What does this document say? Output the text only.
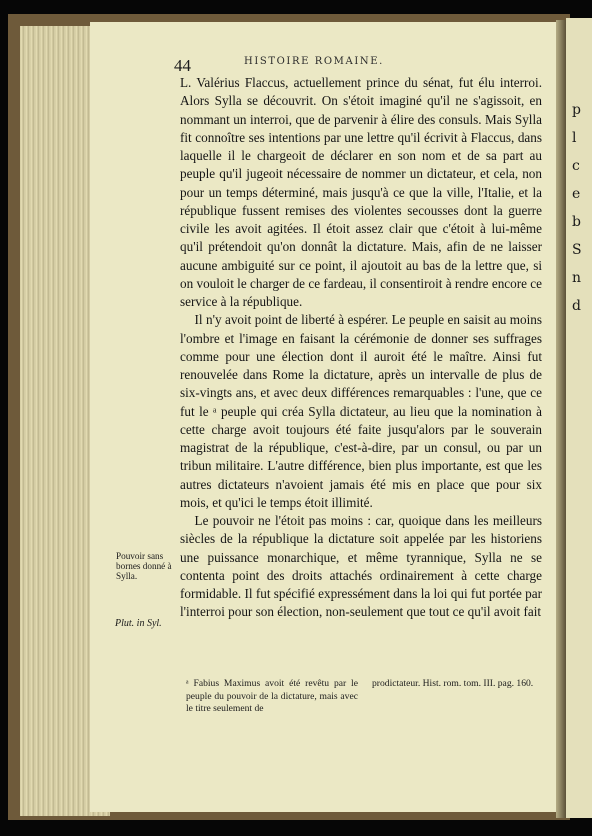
p
l
c
e
b
S
n
d
44	HISTOIRE ROMAINE.

L. Valérius Flaccus, actuellement prince du sénat, fut élu interroi. Alors Sylla se découvrit. On s'étoit imaginé qu'il ne s'agissoit, en nommant un interroi, que de parvenir à élire des consuls. Mais Sylla fit connoître ses intentions par une lettre qu'il écrivit à Flaccus, dans laquelle il le chargeoit de déclarer en son nom et de sa part au peuple qu'il jugeoit nécessaire de nommer un dictateur, et cela, non pour un temps déterminé, mais jusqu'à ce que la ville, l'Italie, et la république fussent remises des violentes secousses dont la guerre civile les avoit agitées. Il étoit assez clair que c'étoit à lui-même qu'il prétendoit qu'on donnât la dictature. Mais, afin de ne laisser aucune ambiguité sur ce point, il ajoutoit au bas de la lettre que, si on vouloit le charger de ce fardeau, il consentiroit à rendre encore ce service à la république.

Il n'y avoit point de liberté à espérer. Le peuple en saisit au moins l'ombre et l'image en faisant la cérémonie de donner ses suffrages comme pour une élection dont il auroit été le maître. Ainsi fut renouvelée dans Rome la dictature, après un intervalle de plus de six-vingts ans, et avec deux différences remarquables : l'une, que ce fut le ᵃ peuple qui créa Sylla dictateur, au lieu que la nomination à cette charge avoit toujours été faite jusqu'alors par le souverain magistrat de la république, c'est-à-dire, par un consul, ou par un tribun militaire. L'autre différence, bien plus importante, est que les autres dictateurs n'avoient jamais été mis en place que pour six mois, et qu'ici le temps étoit illimité.

Le pouvoir ne l'étoit pas moins : car, quoique dans les meilleurs siècles de la république la dictature soit appelée par les historiens une puissance monarchique, et même tyrannique, Sylla ne se contenta point des droits attachés ordinairement à cette charge formidable. Il fut spécifié expressément dans la loi qui fut portée par l'interroi pour son élection, non-seulement que tout ce qu'il avoit fait

Pouvoir sans bornes donné à Sylla.
Plut. in Syl.
ᵃ Fabius Maximus avoit été revêtu par le peuple du pouvoir de la dictature, mais avec le titre seulement de
prodictateur. Hist. rom. tom. III. pag. 160.
